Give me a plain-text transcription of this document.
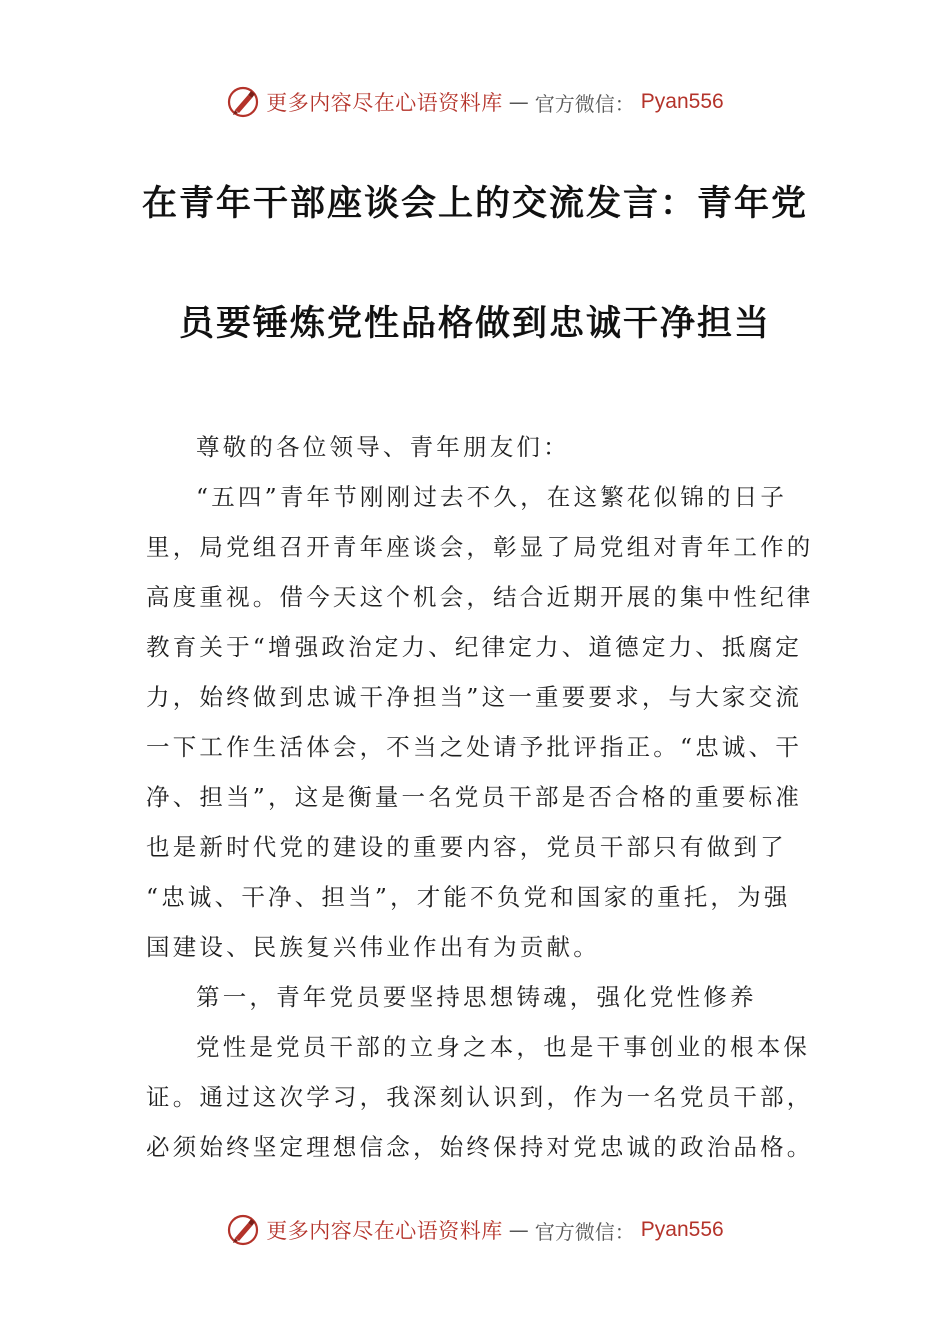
更多内容尽在心语资料库 — 官方微信： Pyan556
在青年干部座谈会上的交流发言：青年党
员要锤炼党性品格做到忠诚干净担当
尊敬的各位领导、青年朋友们：
“五四”青年节刚刚过去不久，在这繁花似锦的日子
里，局党组召开青年座谈会，彰显了局党组对青年工作的
高度重视。借今天这个机会，结合近期开展的集中性纪律
教育关于“增强政治定力、纪律定力、道德定力、抵腐定
力，始终做到忠诚干净担当”这一重要要求，与大家交流
一下工作生活体会，不当之处请予批评指正。“忠诚、干
净、担当”，这是衡量一名党员干部是否合格的重要标准
也是新时代党的建设的重要内容，党员干部只有做到了
“忠诚、干净、担当”，才能不负党和国家的重托，为强
国建设、民族复兴伟业作出有为贡献。
第一，青年党员要坚持思想铸魂，强化党性修养
党性是党员干部的立身之本，也是干事创业的根本保
证。通过这次学习，我深刻认识到，作为一名党员干部，
必须始终坚定理想信念，始终保持对党忠诚的政治品格。
更多内容尽在心语资料库 — 官方微信： Pyan556
